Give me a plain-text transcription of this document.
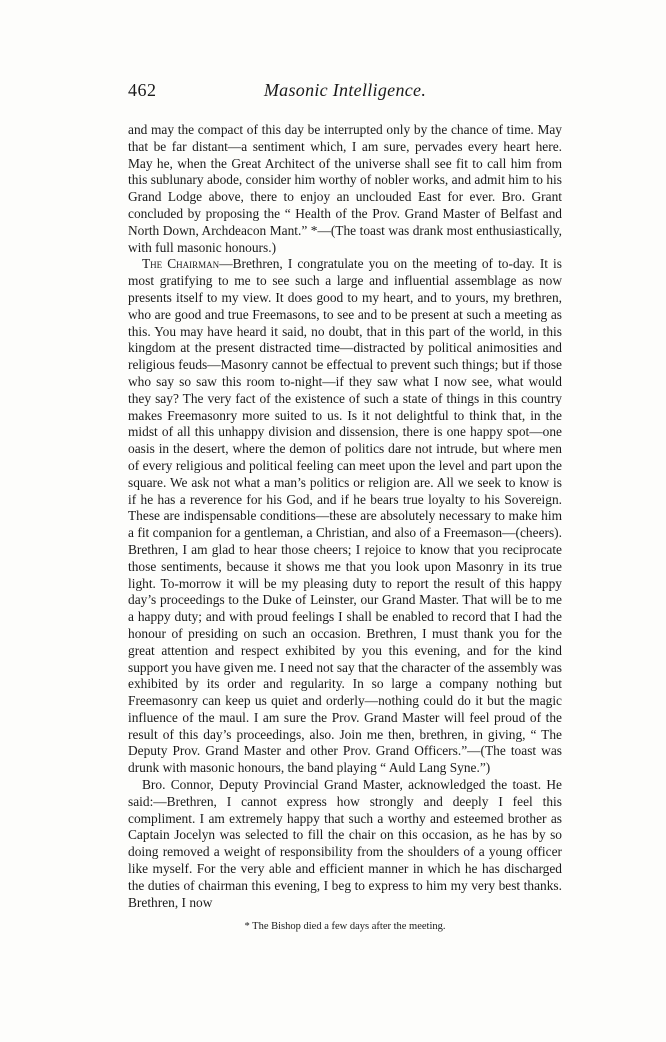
462	Masonic Intelligence.

and may the compact of this day be interrupted only by the chance of time. May that be far distant—a sentiment which, I am sure, pervades every heart here. May he, when the Great Architect of the universe shall see fit to call him from this sublunary abode, consider him worthy of nobler works, and admit him to his Grand Lodge above, there to enjoy an unclouded East for ever. Bro. Grant concluded by proposing the “ Health of the Prov. Grand Master of Belfast and North Down, Archdeacon Mant.” *—(The toast was drank most enthusiastically, with full masonic honours.)

The Chairman—Brethren, I congratulate you on the meeting of to-day. It is most gratifying to me to see such a large and influential assemblage as now presents itself to my view. It does good to my heart, and to yours, my brethren, who are good and true Freemasons, to see and to be present at such a meeting as this. You may have heard it said, no doubt, that in this part of the world, in this kingdom at the present distracted time—distracted by political animosities and religious feuds—Masonry cannot be effectual to prevent such things; but if those who say so saw this room to-night—if they saw what I now see, what would they say? The very fact of the existence of such a state of things in this country makes Freemasonry more suited to us. Is it not delightful to think that, in the midst of all this unhappy division and dissension, there is one happy spot—one oasis in the desert, where the demon of politics dare not intrude, but where men of every religious and political feeling can meet upon the level and part upon the square. We ask not what a man’s politics or religion are. All we seek to know is if he has a reverence for his God, and if he bears true loyalty to his Sovereign. These are indispensable conditions—these are absolutely necessary to make him a fit companion for a gentleman, a Christian, and also of a Freemason—(cheers). Brethren, I am glad to hear those cheers; I rejoice to know that you reciprocate those sentiments, because it shows me that you look upon Masonry in its true light. To-morrow it will be my pleasing duty to report the result of this happy day’s proceedings to the Duke of Leinster, our Grand Master. That will be to me a happy duty; and with proud feelings I shall be enabled to record that I had the honour of presiding on such an occasion. Brethren, I must thank you for the great attention and respect exhibited by you this evening, and for the kind support you have given me. I need not say that the character of the assembly was exhibited by its order and regularity. In so large a company nothing but Freemasonry can keep us quiet and orderly—nothing could do it but the magic influence of the maul. I am sure the Prov. Grand Master will feel proud of the result of this day’s proceedings, also. Join me then, brethren, in giving, “ The Deputy Prov. Grand Master and other Prov. Grand Officers.”—(The toast was drunk with masonic honours, the band playing “ Auld Lang Syne.”)

Bro. Connor, Deputy Provincial Grand Master, acknowledged the toast. He said:—Brethren, I cannot express how strongly and deeply I feel this compliment. I am extremely happy that such a worthy and esteemed brother as Captain Jocelyn was selected to fill the chair on this occasion, as he has by so doing removed a weight of responsibility from the shoulders of a young officer like myself. For the very able and efficient manner in which he has discharged the duties of chairman this evening, I beg to express to him my very best thanks. Brethren, I now

* The Bishop died a few days after the meeting.
